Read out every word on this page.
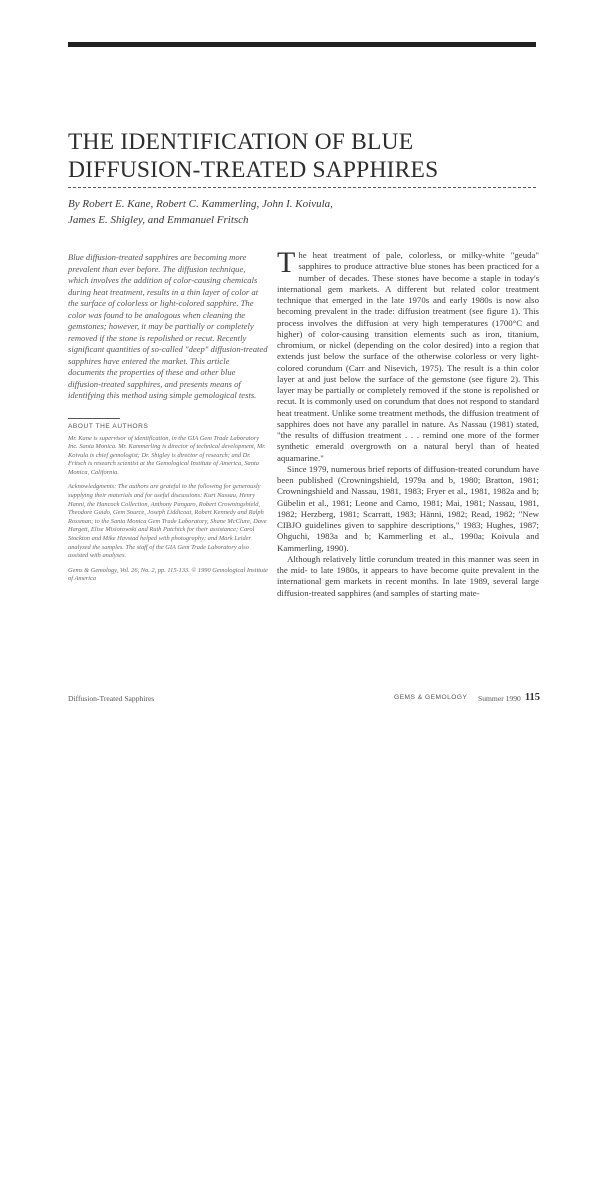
THE IDENTIFICATION OF BLUE DIFFUSION-TREATED SAPPHIRES
By Robert E. Kane, Robert C. Kammerling, John I. Koivula,
James E. Shigley, and Emmanuel Fritsch

Blue diffusion-treated sapphires are becoming more prevalent than ever before. The diffusion technique, which involves the addition of color-causing chemicals during heat treatment, results in a thin layer of color at the surface of colorless or light-colored sapphire. The color was found to be analogous when cleaning the gemstones; however, it may be partially or completely removed if the stone is repolished or recut. Recently significant quantities of so-called "deep" diffusion-treated sapphires have entered the market. This article documents the properties of these and other blue diffusion-treated sapphires, and presents means of identifying this method using simple gemological tests.

ABOUT THE AUTHORS

Mr. Kane is supervisor of identification, in the GIA Gem Trade Laboratory Inc. Santa Monica. Mr. Kammerling is director of technical development, Mr. Koivula is chief gemologist; Dr. Shigley is director of research; and Dr. Fritsch is research scientist at the Gemological Institute of America, Santa Monica, California.

Acknowledgments: The authors are grateful to the following for generously supplying their materials and for useful discussions: Kurt Nassau, Henry Hanni, the Hancock Collection, Anthony Pangaro, Robert Crowningshield, Theodore Guido, Gem Source, Joseph Liddicoat, Robert Kennedy and Ralph Rossman; to the Santa Monica Gem Trade Laboratory, Shane McClure, Dave Hargett, Elise Misiorowski and Ruth Patchick for their assistance; Carol Stockton and Mike Havstad helped with photography; and Mark Leider analyzed the samples. The staff of the GIA Gem Trade Laboratory also assisted with analyses.

Gems & Gemology, Vol. 26, No. 2, pp. 115-133. © 1990 Gemological Institute of America

The heat treatment of pale, colorless, or milky-white "geuda" sapphires to produce attractive blue stones has been practiced for a number of decades. These stones have become a staple in today's international gem markets. A different but related color treatment technique that emerged in the late 1970s and early 1980s is now also becoming prevalent in the trade: diffusion treatment (see figure 1). This process involves the diffusion at very high temperatures (1700°C and higher) of color-causing transition elements such as iron, titanium, chromium, or nickel (depending on the color desired) into a region that extends just below the surface of the otherwise colorless or very light-colored corundum (Carr and Nisevich, 1975). The result is a thin color layer at and just below the surface of the gemstone (see figure 2). This layer may be partially or completely removed if the stone is repolished or recut. It is commonly used on corundum that does not respond to standard heat treatment. Unlike some treatment methods, the diffusion treatment of sapphires does not have any parallel in nature. As Nassau (1981) stated, "the results of diffusion treatment . . . remind one more of the former synthetic emerald overgrowth on a natural beryl than of heated aquamarine."

Since 1979, numerous brief reports of diffusion-treated corundum have been published (Crowningshield, 1979a and b, 1980; Bratton, 1981; Crowningshield and Nassau, 1981, 1983; Fryer et al., 1981, 1982a and b; Gübelin et al., 1981; Leone and Camo, 1981; Mai, 1981; Nassau, 1981, 1982; Herzberg, 1981; Scarratt, 1983; Hänni, 1982; Read, 1982; "New CIBJO guidelines given to sapphire descriptions," 1983; Hughes, 1987; Ohguchi, 1983a and b; Kammerling et al., 1990a; Koivula and Kammerling, 1990).

Although relatively little corundum treated in this manner was seen in the mid- to late 1980s, it appears to have become quite prevalent in the international gem markets in recent months. In late 1989, several large diffusion-treated sapphires (and samples of starting mate-

Diffusion-Treated Sapphires	GEMS & GEMOLOGY Summer 1990 115
